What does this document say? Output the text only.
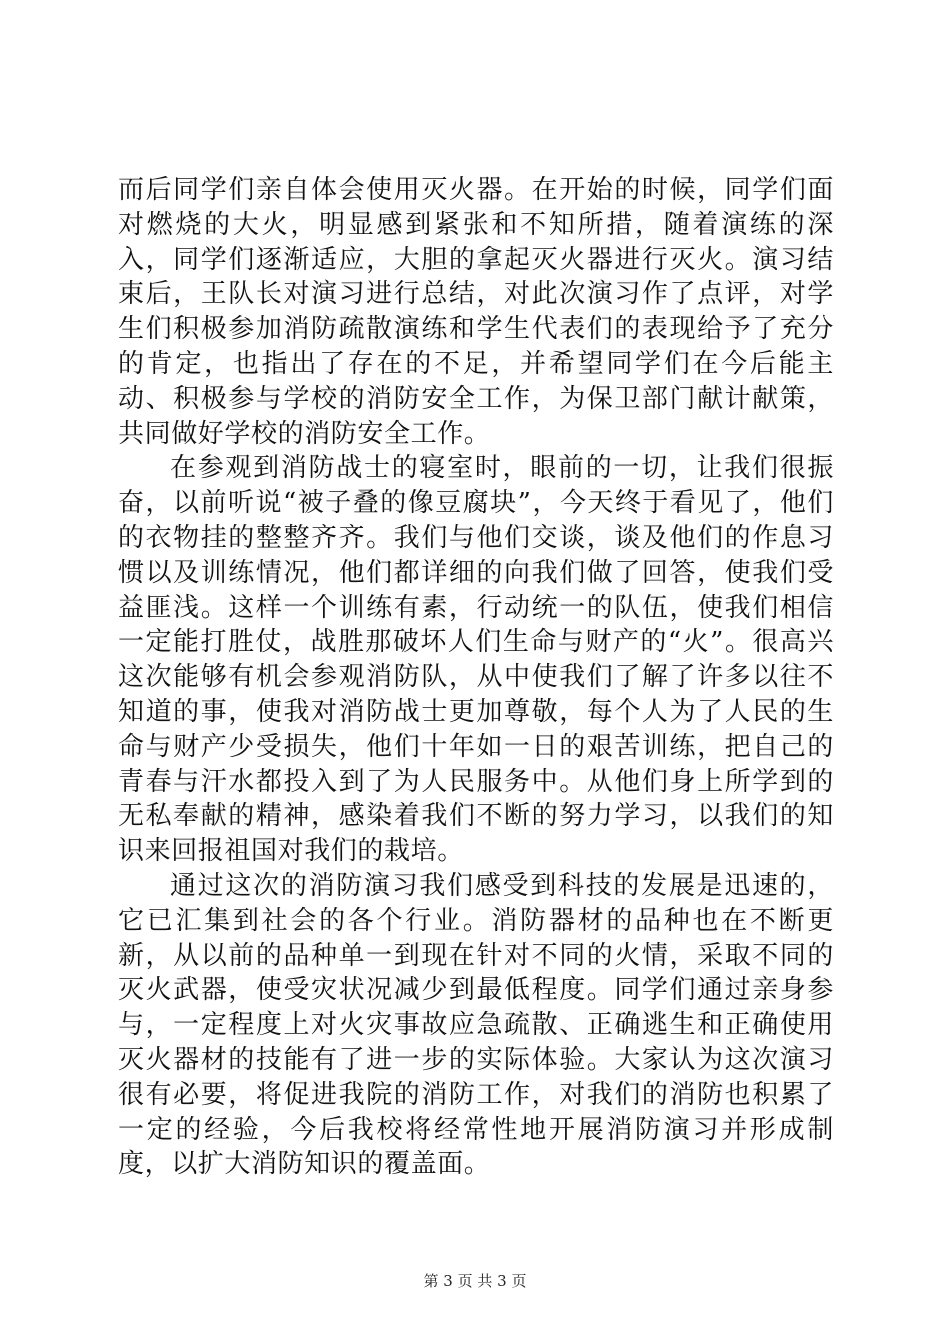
而后同学们亲自体会使用灭火器。在开始的时候，同学们面对燃烧的大火，明显感到紧张和不知所措，随着演练的深入，同学们逐渐适应，大胆的拿起灭火器进行灭火。演习结束后，王队长对演习进行总结，对此次演习作了点评，对学生们积极参加消防疏散演练和学生代表们的表现给予了充分的肯定，也指出了存在的不足，并希望同学们在今后能主动、积极参与学校的消防安全工作，为保卫部门献计献策，共同做好学校的消防安全工作。

在参观到消防战士的寝室时，眼前的一切，让我们很振奋，以前听说“被子叠的像豆腐块”，今天终于看见了，他们的衣物挂的整整齐齐。我们与他们交谈，谈及他们的作息习惯以及训练情况，他们都详细的向我们做了回答，使我们受益匪浅。这样一个训练有素，行动统一的队伍，使我们相信一定能打胜仗，战胜那破坏人们生命与财产的“火”。很高兴这次能够有机会参观消防队，从中使我们了解了许多以往不知道的事，使我对消防战士更加尊敬，每个人为了人民的生命与财产少受损失，他们十年如一日的艰苦训练，把自己的青春与汗水都投入到了为人民服务中。从他们身上所学到的无私奉献的精神，感染着我们不断的努力学习，以我们的知识来回报祖国对我们的栽培。

通过这次的消防演习我们感受到科技的发展是迅速的，它已汇集到社会的各个行业。消防器材的品种也在不断更新，从以前的品种单一到现在针对不同的火情，采取不同的灭火武器，使受灾状况减少到最低程度。同学们通过亲身参与，一定程度上对火灾事故应急疏散、正确逃生和正确使用灭火器材的技能有了进一步的实际体验。大家认为这次演习很有必要，将促进我院的消防工作，对我们的消防也积累了一定的经验，今后我校将经常性地开展消防演习并形成制度，以扩大消防知识的覆盖面。

第 3 页 共 3 页
